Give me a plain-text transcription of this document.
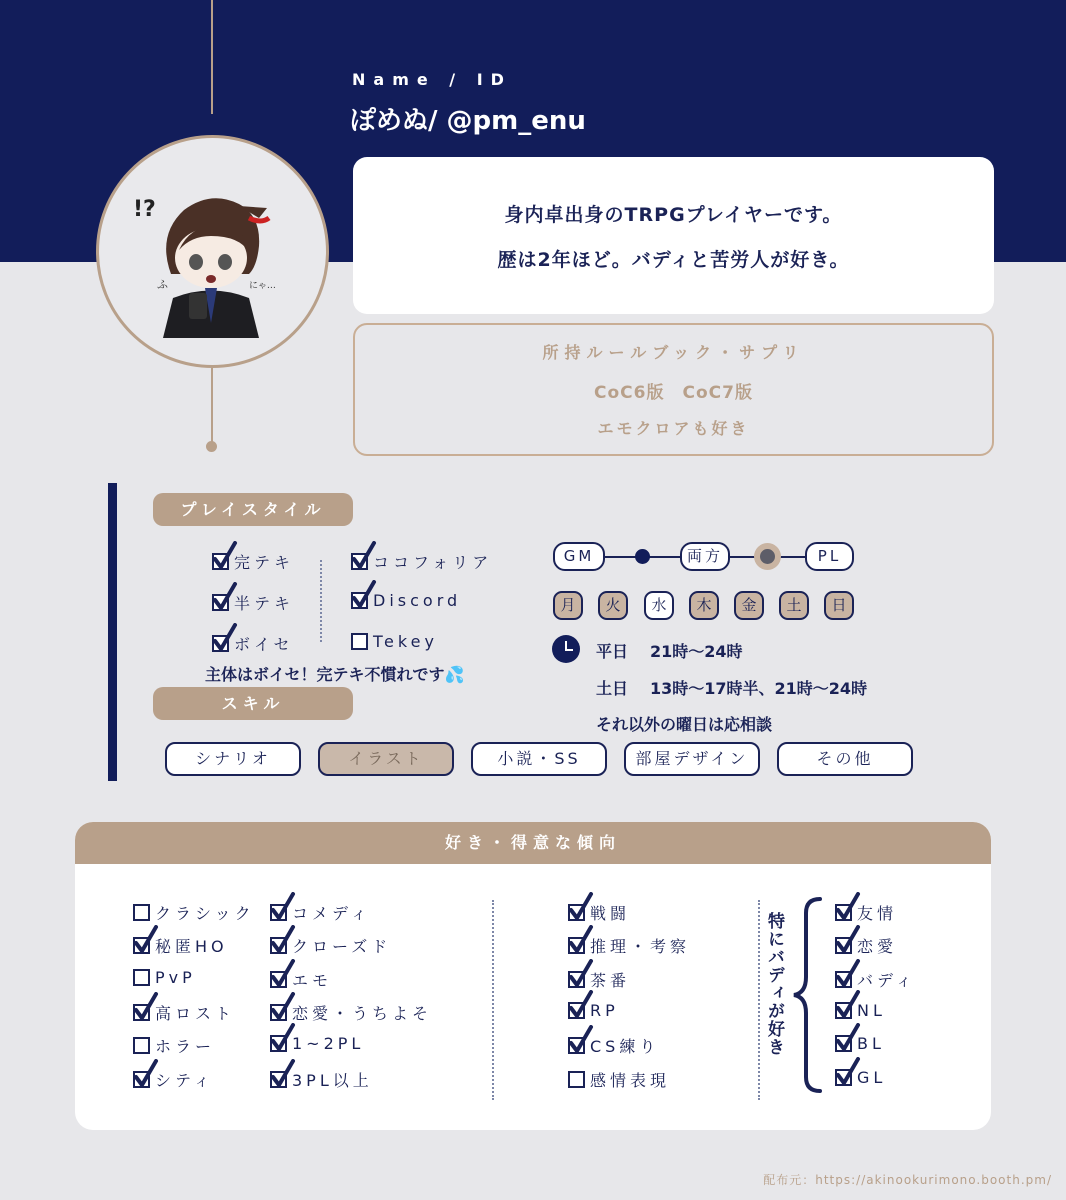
Name / ID
ぽめぬ/ @pm_enu
!?
ふ	にゃ…
身内卓出身のTRPGプレイヤーです。
歴は2年ほど。バディと苦労人が好き。
所持ルールブック・サプリ
CoC6版　CoC7版
エモクロアも好き
プレイスタイル
完テキ
半テキ
ボイセ
ココフォリア
Discord
Tekey
主体はボイセ！完テキ不慣れです💦
GM	両方	PL
月	火	水	木	金	土	日
平日 21時〜24時
土日 13時〜17時半、21時〜24時
それ以外の曜日は応相談
スキル
シナリオ	イラスト	小説・SS	部屋デザイン	その他
好き・得意な傾向
クラシック
秘匿HO
PvP
高ロスト
ホラー
シティ
コメディ
クローズド
エモ
恋愛・うちよそ
1~2PL
3PL以上
戦闘
推理・考察
茶番
RP
CS練り
感情表現
友情
恋愛
バディ
NL
BL
GL
特にバディが好き
配布元：https://akinookurimono.booth.pm/
